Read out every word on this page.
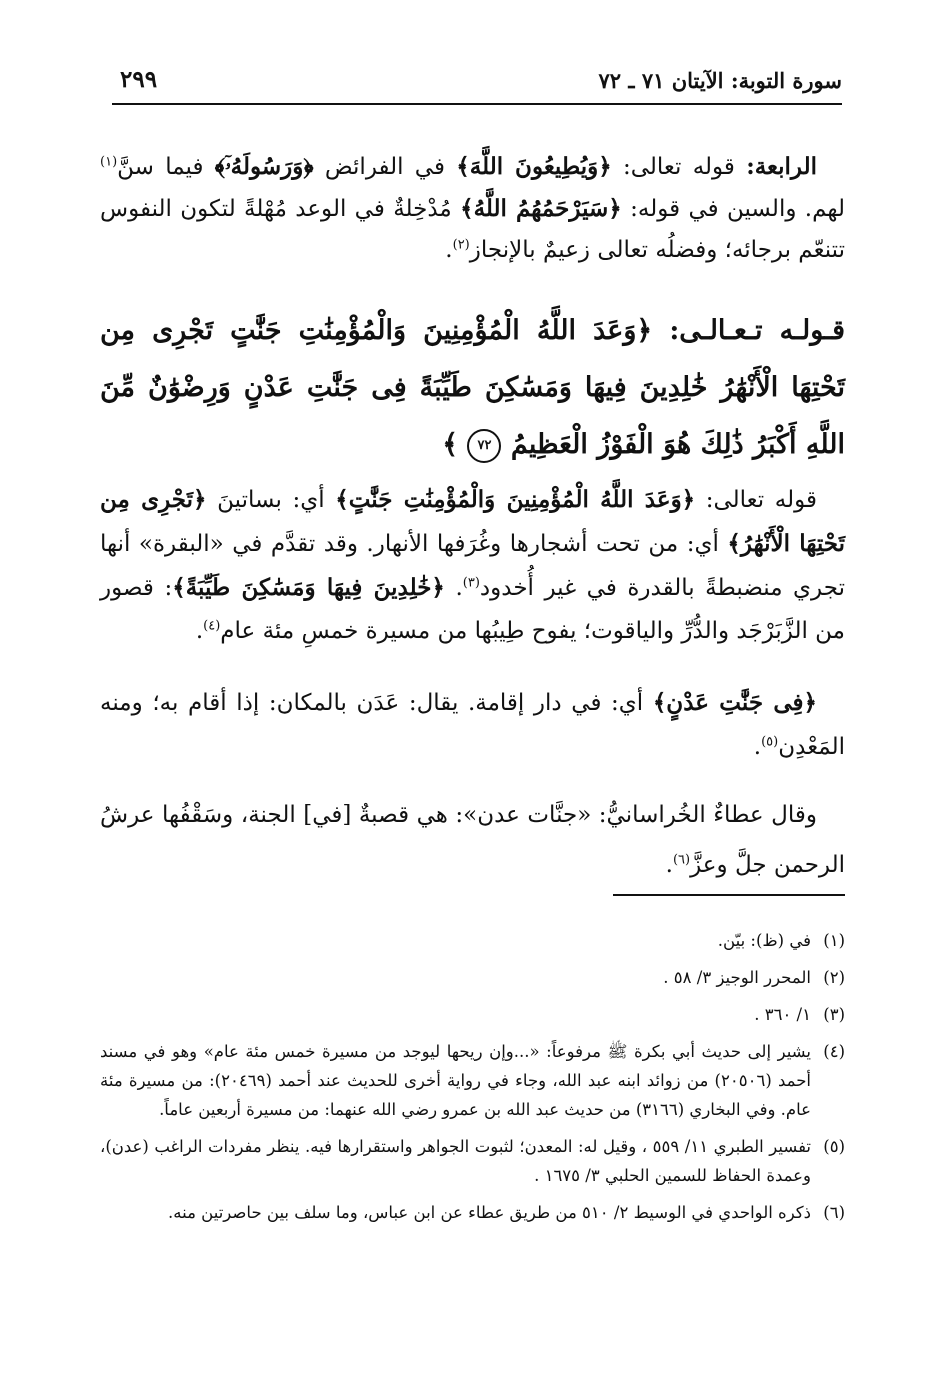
سورة التوبة: الآيتان ٧١ ـ ٧٢
٢٩٩

الرابعة: قوله تعالى: ﴿وَيُطِيعُونَ اللَّهَ﴾ في الفرائض ﴿وَرَسُولَهُۥٓ﴾ فيما سنَّ$^{(١)}$ لهم. والسين في قوله: ﴿سَيَرْحَمُهُمُ اللَّهُ﴾ مُدْخِلةٌ في الوعد مُهْلةً لتكون النفوس تتنعّم برجائه؛ وفضلُه تعالى زعيمٌ بالإنجاز$^{(٢)}$.

قـولـه تـعـالـى: ﴿وَعَدَ اللَّهُ الْمُؤْمِنِينَ وَالْمُؤْمِنَٰتِ جَنَّٰتٍ تَجْرِى مِن تَحْتِهَا الْأَنْهَٰرُ خَٰلِدِينَ فِيهَا وَمَسَٰكِنَ طَيِّبَةً فِى جَنَّٰتِ عَدْنٍ وَرِضْوَٰنٌ مِّنَ اللَّهِ أَكْبَرُ ذَٰلِكَ هُوَ الْفَوْزُ الْعَظِيمُ ٧٢ ﴾

قوله تعالى: ﴿وَعَدَ اللَّهُ الْمُؤْمِنِينَ وَالْمُؤْمِنَٰتِ جَنَّٰتٍ﴾ أي: بساتينَ ﴿تَجْرِى مِن تَحْتِهَا الْأَنْهَٰرُ﴾ أي: من تحت أشجارها وغُرَفها الأنهار. وقد تقدَّم في «البقرة» أنها تجري منضبطةً بالقدرة في غير أُخدود$^{(٣)}$. ﴿خَٰلِدِينَ فِيهَا وَمَسَٰكِنَ طَيِّبَةً﴾: قصور من الزَّبَرْجَد والدُّرِّ والياقوت؛ يفوح طِيبُها من مسيرة خمسِ مئة عام$^{(٤)}$.

﴿فِى جَنَّٰتِ عَدْنٍ﴾ أي: في دار إقامة. يقال: عَدَن بالمكان: إذا أقام به؛ ومنه المَعْدِن$^{(٥)}$.

وقال عطاءٌ الخُراسانيُّ: «جنَّات عدن»: هي قصبةٌ [في] الجنة، وسَقْفُها عرشُ الرحمن جلَّ وعزَّ$^{(٦)}$.

(١)
في (ظ): بيّن.

(٢)
المحرر الوجيز ٣/ ٥٨ .

(٣)
١/ ٣٦٠ .

(٤)
يشير إلى حديث أبي بكرة ﷺ مرفوعاً: «...وإن ريحها ليوجد من مسيرة خمس مئة عام» وهو في مسند أحمد (٢٠٥٠٦) من زوائد ابنه عبد الله، وجاء في رواية أخرى للحديث عند أحمد (٢٠٤٦٩): من مسيرة مئة عام. وفي البخاري (٣١٦٦) من حديث عبد الله بن عمرو رضي الله عنهما: من مسيرة أربعين عاماً.

(٥)
تفسير الطبري ١١/ ٥٥٩ ، وقيل له: المعدن؛ لثبوت الجواهر واستقرارها فيه. ينظر مفردات الراغب (عدن)، وعمدة الحفاظ للسمين الحلبي ٣/ ١٦٧٥ .

(٦)
ذكره الواحدي في الوسيط ٢/ ٥١٠ من طريق عطاء عن ابن عباس، وما سلف بين حاصرتين منه.
